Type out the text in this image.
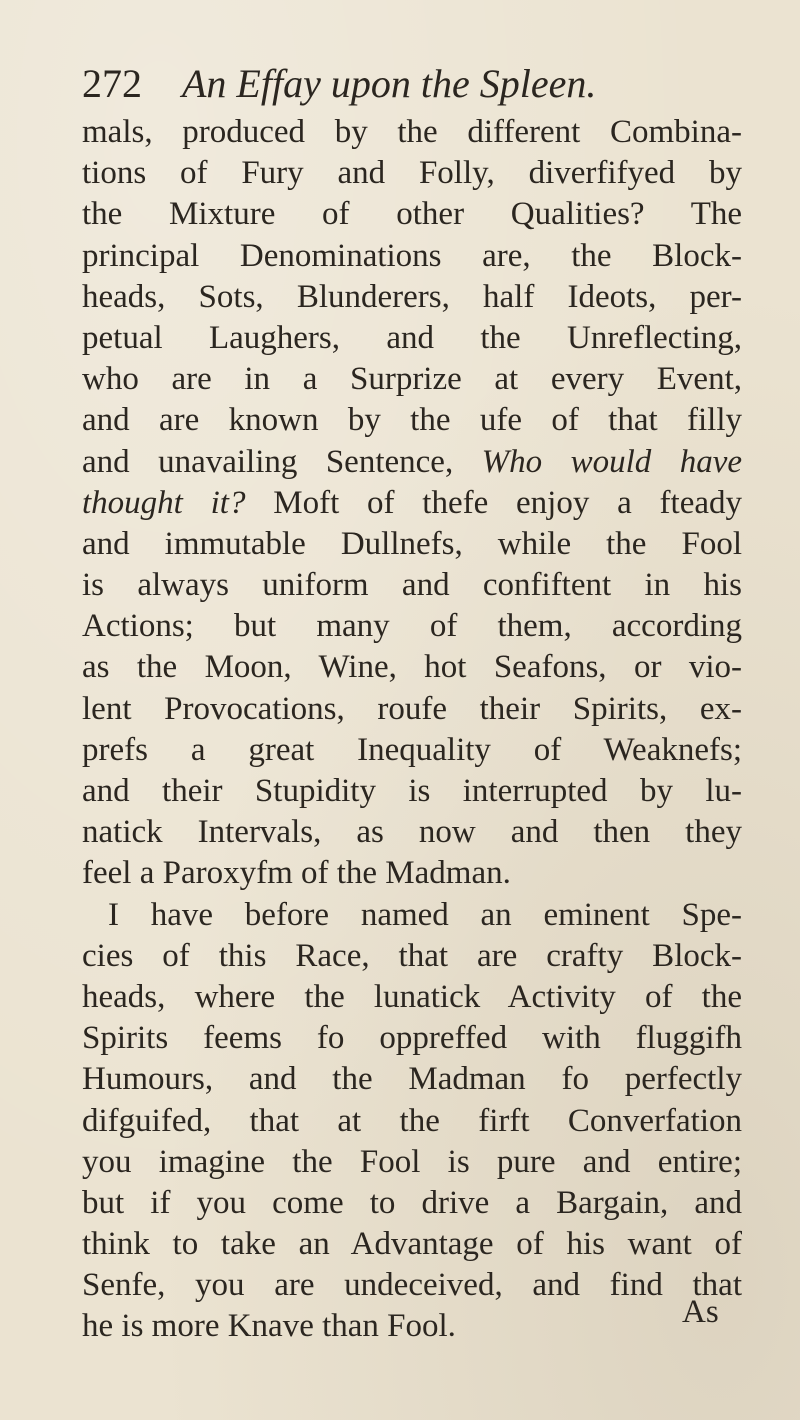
272 An Effay upon the Spleen.
mals, produced by the different Combina-
tions of Fury and Folly, diverfifyed by
the Mixture of other Qualities? The
principal Denominations are, the Block-
heads, Sots, Blunderers, half Ideots, per-
petual Laughers, and the Unreflecting,
who are in a Surprize at every Event,
and are known by the ufe of that filly
and unavailing Sentence, Who would have
thought it? Moft of thefe enjoy a fteady
and immutable Dullnefs, while the Fool
is always uniform and confiftent in his
Actions; but many of them, according
as the Moon, Wine, hot Seafons, or vio-
lent Provocations, roufe their Spirits, ex-
prefs a great Inequality of Weaknefs;
and their Stupidity is interrupted by lu-
natick Intervals, as now and then they
feel a Paroxyfm of the Madman.
I have before named an eminent Spe-
cies of this Race, that are crafty Block-
heads, where the lunatick Activity of the
Spirits feems fo oppreffed with fluggifh
Humours, and the Madman fo perfectly
difguifed, that at the firft Converfation
you imagine the Fool is pure and entire;
but if you come to drive a Bargain, and
think to take an Advantage of his want of
Senfe, you are undeceived, and find that
he is more Knave than Fool.	As
